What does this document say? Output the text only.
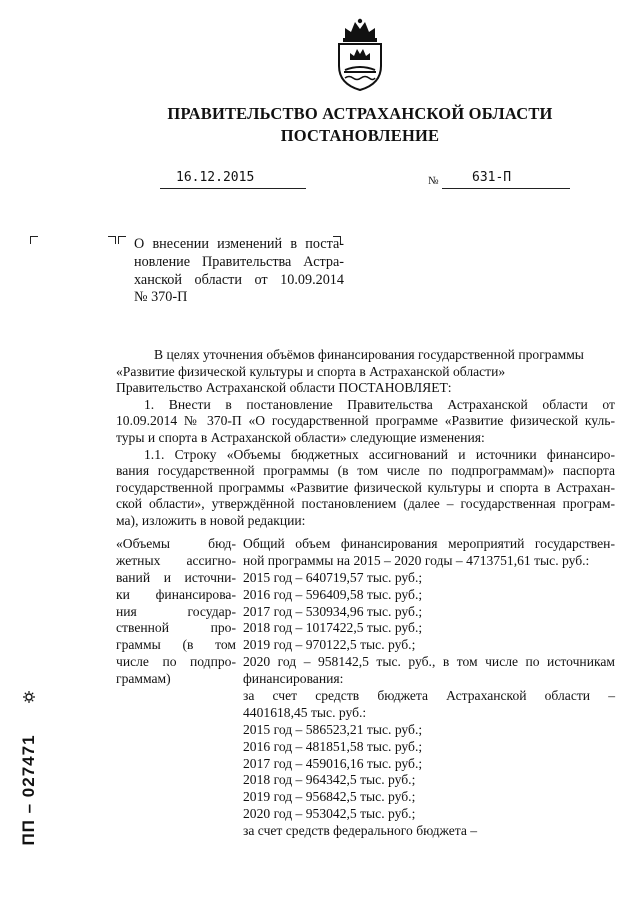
ПРАВИТЕЛЬСТВО АСТРАХАНСКОЙ ОБЛАСТИ
ПОСТАНОВЛЕНИЕ
16.12.2015	№	631-П
О внесении изменений в поста-
новление Правительства Астра-
ханской области от 10.09.2014
№ 370-П
В целях уточнения объёмов финансирования государственной программы
«Развитие физической культуры и спорта в Астраханской области»
Правительство Астраханской области ПОСТАНОВЛЯЕТ:
1. Внести в постановление Правительства Астраханской области от
10.09.2014 № 370-П «О государственной программе «Развитие физической куль-
туры и спорта в Астраханской области» следующие изменения:
1.1. Строку «Объемы бюджетных ассигнований и источники финансиро-
вания государственной программы (в том числе по подпрограммам)» паспорта
государственной программы «Развитие физической культуры и спорта в Астрахан-
ской области», утверждённой постановлением (далее – государственная програм-
ма), изложить в новой редакции:
«Объемы бюд-
жетных ассигно-
ваний и источни-
ки финансирова-
ния государ-
ственной про-
граммы (в том
числе по подпро-
граммам)
Общий объем финансирования мероприятий государствен-
ной программы на 2015 – 2020 годы – 4713751,61 тыс. руб.:
2015 год – 640719,57 тыс. руб.;
2016 год – 596409,58 тыс. руб.;
2017 год – 530934,96 тыс. руб.;
2018 год – 1017422,5 тыс. руб.;
2019 год – 970122,5 тыс. руб.;
2020 год – 958142,5 тыс. руб., в том числе по источникам
финансирования:
за счет средств бюджета Астраханской области –
4401618,45 тыс. руб.:
2015 год – 586523,21 тыс. руб.;
2016 год – 481851,58 тыс. руб.;
2017 год – 459016,16 тыс. руб.;
2018 год – 964342,5 тыс. руб.;
2019 год – 956842,5 тыс. руб.;
2020 год – 953042,5 тыс. руб.;
за счет средств федерального бюджета –
ПП – 027471
